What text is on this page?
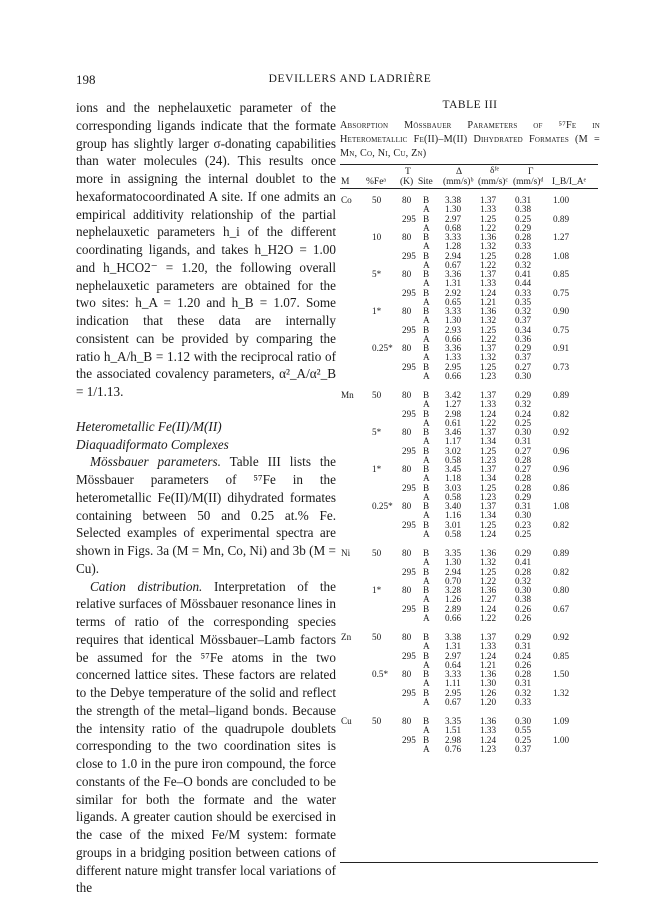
198	DEVILLERS AND LADRIÈRE

ions and the nephelauxetic parameter of the corresponding ligands indicate that the formate group has slightly larger σ-donating capabilities than water molecules (24). This results once more in assigning the internal doublet to the hexaformatocoordinated A site. If one admits an empirical additivity relationship of the partial nephelauxetic parameters h_i of the different coordinating ligands, and takes h_H2O = 1.00 and h_HCO2⁻ = 1.20, the following overall nephelauxetic parameters are obtained for the two sites: h_A = 1.20 and h_B = 1.07. Some indication that these data are internally consistent can be provided by comparing the ratio h_A/h_B = 1.12 with the reciprocal ratio of the associated covalency parameters, α²_A/α²_B = 1/1.13.

Heterometallic Fe(II)/M(II)

Diaquadiformato Complexes

Mössbauer parameters. Table III lists the Mössbauer parameters of ⁵⁷Fe in the heterometallic Fe(II)/M(II) dihydrated formates containing between 50 and 0.25 at.% Fe. Selected examples of experimental spectra are shown in Figs. 3a (M = Mn, Co, Ni) and 3b (M = Cu).

Cation distribution. Interpretation of the relative surfaces of Mössbauer resonance lines in terms of ratio of the corresponding species requires that identical Mössbauer–Lamb factors be assumed for the ⁵⁷Fe atoms in the two concerned lattice sites. These factors are related to the Debye temperature of the solid and reflect the strength of the metal–ligand bonds. Because the intensity ratio of the quadrupole doublets corresponding to the two coordination sites is close to 1.0 in the pure iron compound, the force constants of the Fe–O bonds are concluded to be similar for both the formate and the water ligands. A greater caution should be exercised in the case of the mixed Fe/M system: formate groups in a bridging position between cations of different nature might transfer local variations of the

TABLE III
Absorption Mössbauer Parameters of ⁵⁷Fe in Heterometallic Fe(II)–M(II) Dihydrated Formates (M = Mn, Co, Ni, Cu, Zn)
T	Δ	δᶠᵉ	Γ
M %Feᵃ (K) Site (mm/s)ᵇ (mm/s)ᶜ (mm/s)ᵈ I_B/I_Aᵉ
Co 50 80 B 3.38 1.37 0.31 1.00
A 1.30 1.33 0.38
295 B 2.97 1.25 0.25 0.89
A 0.68 1.22 0.29
10 80 B 3.33 1.36 0.28 1.27
A 1.28 1.32 0.33
295 B 2.94 1.25 0.28 1.08
A 0.67 1.22 0.32
5* 80 B 3.36 1.37 0.41 0.85
A 1.31 1.33 0.44
295 B 2.92 1.24 0.33 0.75
A 0.65 1.21 0.35
1* 80 B 3.33 1.36 0.32 0.90
A 1.30 1.32 0.37
295 B 2.93 1.25 0.34 0.75
A 0.66 1.22 0.36
0.25* 80 B 3.36 1.37 0.29 0.91
A 1.33 1.32 0.37
295 B 2.95 1.25 0.27 0.73
A 0.66 1.23 0.30
Mn 50 80 B 3.42 1.37 0.29 0.89
A 1.27 1.33 0.32
295 B 2.98 1.24 0.24 0.82
A 0.61 1.22 0.25
5* 80 B 3.46 1.37 0.30 0.92
A 1.17 1.34 0.31
295 B 3.02 1.25 0.27 0.96
A 0.58 1.23 0.28
1* 80 B 3.45 1.37 0.27 0.96
A 1.18 1.34 0.28
295 B 3.03 1.25 0.28 0.86
A 0.58 1.23 0.29
0.25* 80 B 3.40 1.37 0.31 1.08
A 1.16 1.34 0.30
295 B 3.01 1.25 0.23 0.82
A 0.58 1.24 0.25
Ni 50 80 B 3.35 1.36 0.29 0.89
A 1.30 1.32 0.41
295 B 2.94 1.25 0.28 0.82
A 0.70 1.22 0.32
1* 80 B 3.28 1.36 0.30 0.80
A 1.26 1.27 0.38
295 B 2.89 1.24 0.26 0.67
A 0.66 1.22 0.26
Zn 50 80 B 3.38 1.37 0.29 0.92
A 1.31 1.33 0.31
295 B 2.97 1.24 0.24 0.85
A 0.64 1.21 0.26
0.5* 80 B 3.33 1.36 0.28 1.50
A 1.11 1.30 0.31
295 B 2.95 1.26 0.32 1.32
A 0.67 1.20 0.33
Cu 50 80 B 3.35 1.36 0.30 1.09
A 1.51 1.33 0.55
295 B 2.98 1.24 0.25 1.00
A 0.76 1.23 0.37
